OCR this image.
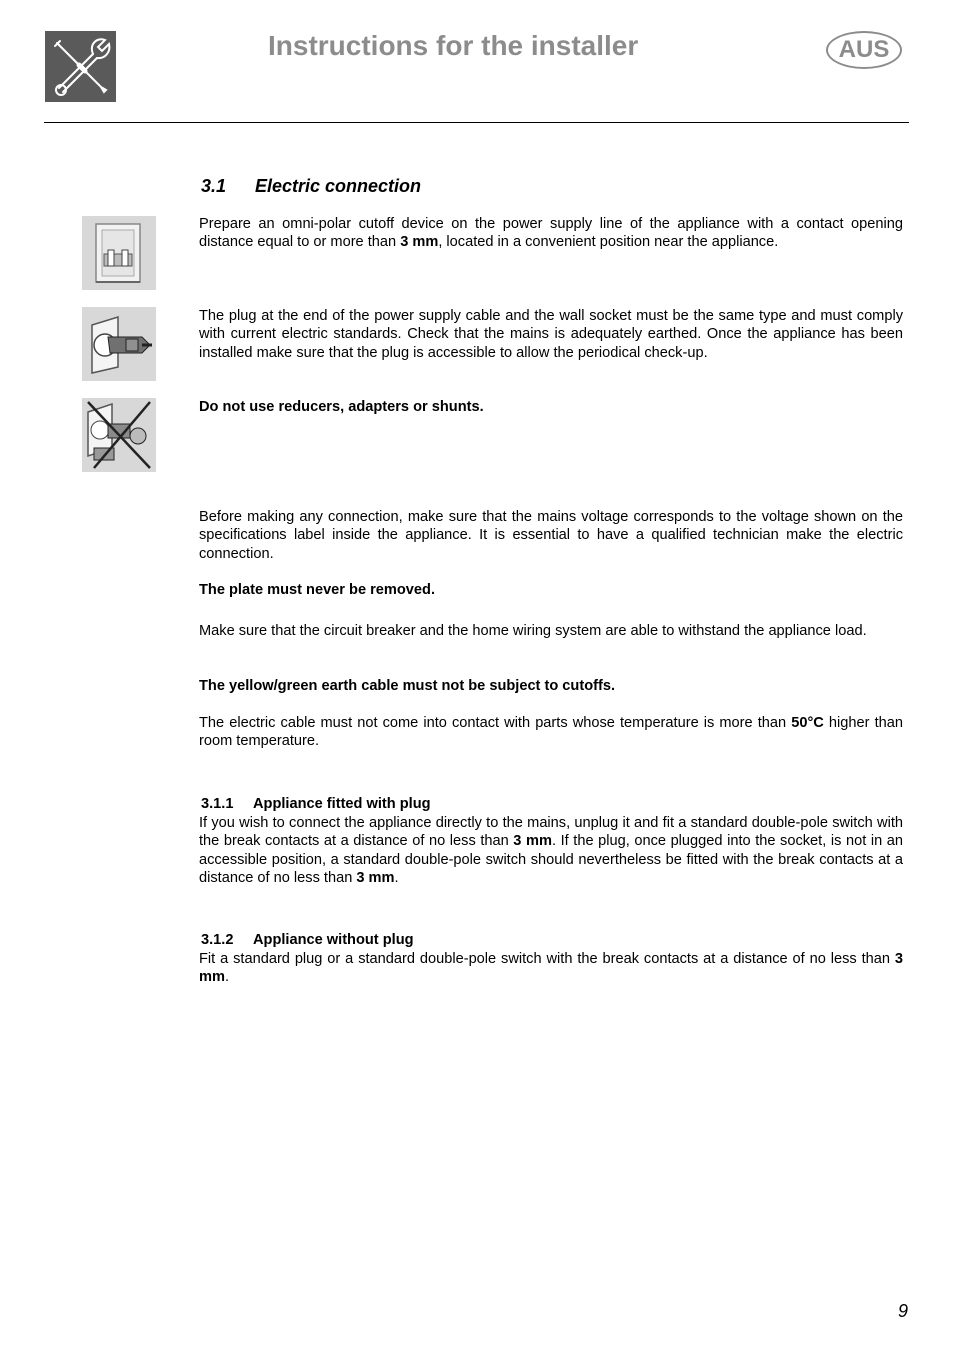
Instructions for the installer	AUS
3.1 Electric connection

Prepare an omni-polar cutoff device on the power supply line of the appliance with a contact opening distance equal to or more than 3 mm, located in a convenient position near the appliance.

The plug at the end of the power supply cable and the wall socket must be the same type and must comply with current electric standards. Check that the mains is adequately earthed. Once the appliance has been installed make sure that the plug is accessible to allow the periodical check-up.

Do not use reducers, adapters or shunts.

Before making any connection, make sure that the mains voltage corresponds to the voltage shown on the specifications label inside the appliance. It is essential to have a qualified technician make the electric connection.

The plate must never be removed.

Make sure that the circuit breaker and the home wiring system are able to withstand the appliance load.

The yellow/green earth cable must not be subject to cutoffs.

The electric cable must not come into contact with parts whose temperature is more than 50°C higher than room temperature.

3.1.1 Appliance fitted with plug

If you wish to connect the appliance directly to the mains, unplug it and fit a standard double-pole switch with the break contacts at a distance of no less than 3 mm. If the plug, once plugged into the socket, is not in an accessible position, a standard double-pole switch should nevertheless be fitted with the break contacts at a distance of no less than 3 mm.

3.1.2 Appliance without plug

Fit a standard plug or a standard double-pole switch with the break contacts at a distance of no less than 3 mm.

9
